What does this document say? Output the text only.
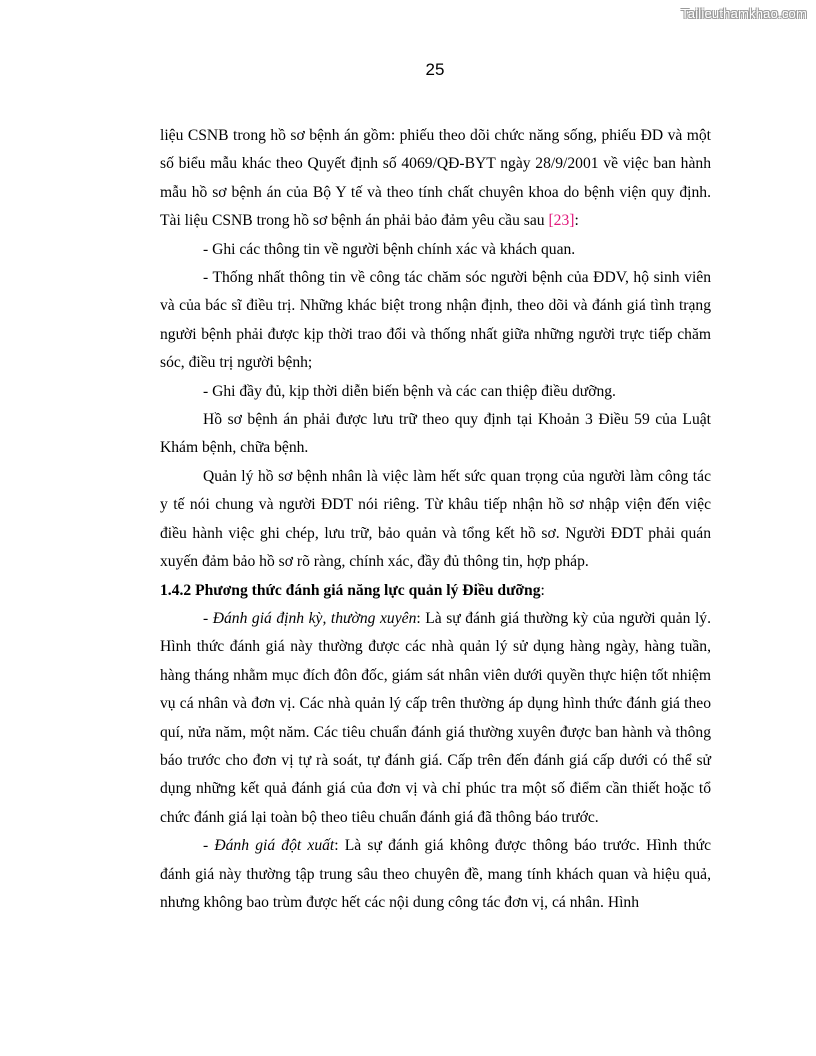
Tailieuthamkhao.com
25

liệu CSNB trong hồ sơ bệnh án gồm: phiếu theo dõi chức năng sống, phiếu ĐD và một số biểu mẫu khác theo Quyết định số 4069/QĐ-BYT ngày 28/9/2001 về việc ban hành mẫu hồ sơ bệnh án của Bộ Y tế và theo tính chất chuyên khoa do bệnh viện quy định. Tài liệu CSNB trong hồ sơ bệnh án phải bảo đảm yêu cầu sau [23]:

- Ghi các thông tin về người bệnh chính xác và khách quan.

- Thống nhất thông tin về công tác chăm sóc người bệnh của ĐDV, hộ sinh viên và của bác sĩ điều trị. Những khác biệt trong nhận định, theo dõi và đánh giá tình trạng người bệnh phải được kịp thời trao đổi và thống nhất giữa những người trực tiếp chăm sóc, điều trị người bệnh;

- Ghi đầy đủ, kịp thời diễn biến bệnh và các can thiệp điều dưỡng.

Hồ sơ bệnh án phải được lưu trữ theo quy định tại Khoản 3 Điều 59 của Luật Khám bệnh, chữa bệnh.

Quản lý hồ sơ bệnh nhân là việc làm hết sức quan trọng của người làm công tác y tế nói chung và người ĐDT nói riêng. Từ khâu tiếp nhận hồ sơ nhập viện đến việc điều hành việc ghi chép, lưu trữ, bảo quản và tổng kết hồ sơ. Người ĐDT phải quán xuyến đảm bảo hồ sơ rõ ràng, chính xác, đầy đủ thông tin, hợp pháp.

1.4.2 Phương thức đánh giá năng lực quản lý Điều dưỡng:

- Đánh giá định kỳ, thường xuyên: Là sự đánh giá thường kỳ của người quản lý. Hình thức đánh giá này thường được các nhà quản lý sử dụng hàng ngày, hàng tuần, hàng tháng nhằm mục đích đôn đốc, giám sát nhân viên dưới quyền thực hiện tốt nhiệm vụ cá nhân và đơn vị. Các nhà quản lý cấp trên thường áp dụng hình thức đánh giá theo quí, nửa năm, một năm. Các tiêu chuẩn đánh giá thường xuyên được ban hành và thông báo trước cho đơn vị tự rà soát, tự đánh giá. Cấp trên đến đánh giá cấp dưới có thể sử dụng những kết quả đánh giá của đơn vị và chỉ phúc tra một số điểm cần thiết hoặc tổ chức đánh giá lại toàn bộ theo tiêu chuẩn đánh giá đã thông báo trước.

- Đánh giá đột xuất: Là sự đánh giá không được thông báo trước. Hình thức đánh giá này thường tập trung sâu theo chuyên đề, mang tính khách quan và hiệu quả, nhưng không bao trùm được hết các nội dung công tác đơn vị, cá nhân. Hình
